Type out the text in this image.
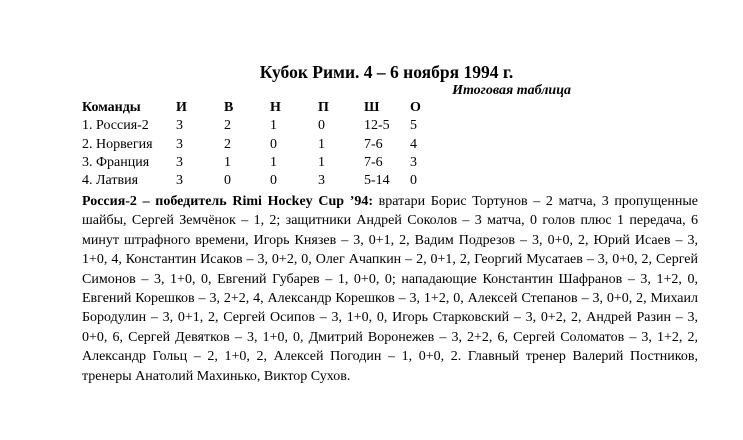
Кубок Рими. 4 – 6 ноября 1994 г.
Итоговая таблица
Команды	И	В	Н	П	Ш	О
1. Россия-2	3	2	1	0	12-5	5
2. Норвегия	3	2	0	1	7-6	4
3. Франция	3	1	1	1	7-6	3
4. Латвия	3	0	0	3	5-14	0
Россия-2 – победитель Rimi Hockey Cup ’94: вратари Борис Тортунов – 2 матча, 3 пропущенные шайбы, Сергей Земчёнок – 1, 2; защитники Андрей Соколов – 3 матча, 0 голов плюс 1 передача, 6 минут штрафного времени, Игорь Князев – 3, 0+1, 2, Вадим Подрезов – 3, 0+0, 2, Юрий Исаев – 3, 1+0, 4, Константин Исаков – 3, 0+2, 0, Олег Ачапкин – 2, 0+1, 2, Георгий Мусатаев – 3, 0+0, 2, Сергей Симонов – 3, 1+0, 0, Евгений Губарев – 1, 0+0, 0; нападающие Константин Шафранов – 3, 1+2, 0, Евгений Корешков – 3, 2+2, 4, Александр Корешков – 3, 1+2, 0, Алексей Степанов – 3, 0+0, 2, Михаил Бородулин – 3, 0+1, 2, Сергей Осипов – 3, 1+0, 0, Игорь Старковский – 3, 0+2, 2, Андрей Разин – 3, 0+0, 6, Сергей Девятков – 3, 1+0, 0, Дмитрий Воронежев – 3, 2+2, 6, Сергей Соломатов – 3, 1+2, 2, Александр Гольц – 2, 1+0, 2, Алексей Погодин – 1, 0+0, 2. Главный тренер Валерий Постников, тренеры Анатолий Махинько, Виктор Сухов.
